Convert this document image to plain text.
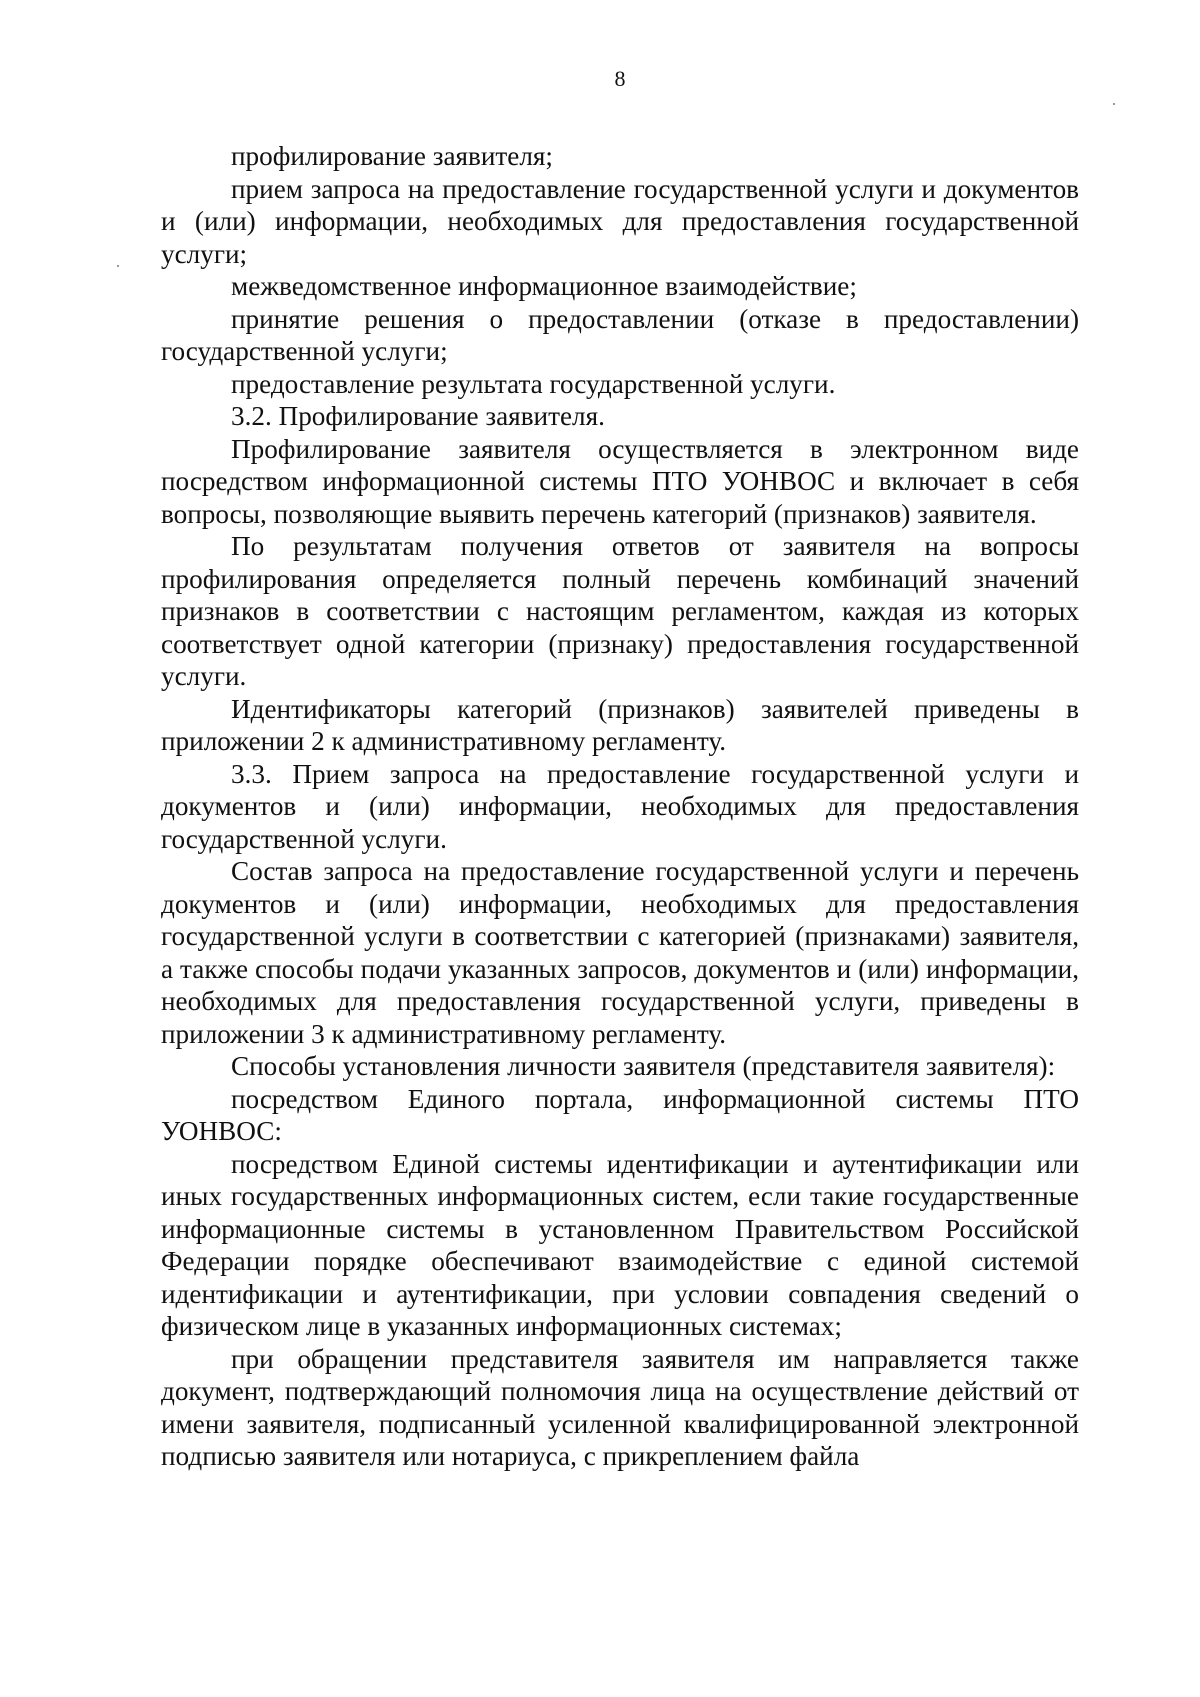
8

профилирование заявителя;

прием запроса на предоставление государственной услуги и документов и (или) информации, необходимых для предоставления государственной услуги;

межведомственное информационное взаимодействие;

принятие решения о предоставлении (отказе в предоставлении) государственной услуги;

предоставление результата государственной услуги.

3.2. Профилирование заявителя.

Профилирование заявителя осуществляется в электронном виде посредством информационной системы ПТО УОНВОС и включает в себя вопросы, позволяющие выявить перечень категорий (признаков) заявителя.

По результатам получения ответов от заявителя на вопросы профилирования определяется полный перечень комбинаций значений признаков в соответствии с настоящим регламентом, каждая из которых соответствует одной категории (признаку) предоставления государственной услуги.

Идентификаторы категорий (признаков) заявителей приведены в приложении 2 к административному регламенту.

3.3. Прием запроса на предоставление государственной услуги и документов и (или) информации, необходимых для предоставления государственной услуги.

Состав запроса на предоставление государственной услуги и перечень документов и (или) информации, необходимых для предоставления государственной услуги в соответствии с категорией (признаками) заявителя, а также способы подачи указанных запросов, документов и (или) информации, необходимых для предоставления государственной услуги, приведены в приложении 3 к административному регламенту.

Способы установления личности заявителя (представителя заявителя):

посредством Единого портала, информационной системы ПТО УОНВОС:

посредством Единой системы идентификации и аутентификации или иных государственных информационных систем, если такие государственные информационные системы в установленном Правительством Российской Федерации порядке обеспечивают взаимодействие с единой системой идентификации и аутентификации, при условии совпадения сведений о физическом лице в указанных информационных системах;

при обращении представителя заявителя им направляется также документ, подтверждающий полномочия лица на осуществление действий от имени заявителя, подписанный усиленной квалифицированной электронной подписью заявителя или нотариуса, с прикреплением файла
